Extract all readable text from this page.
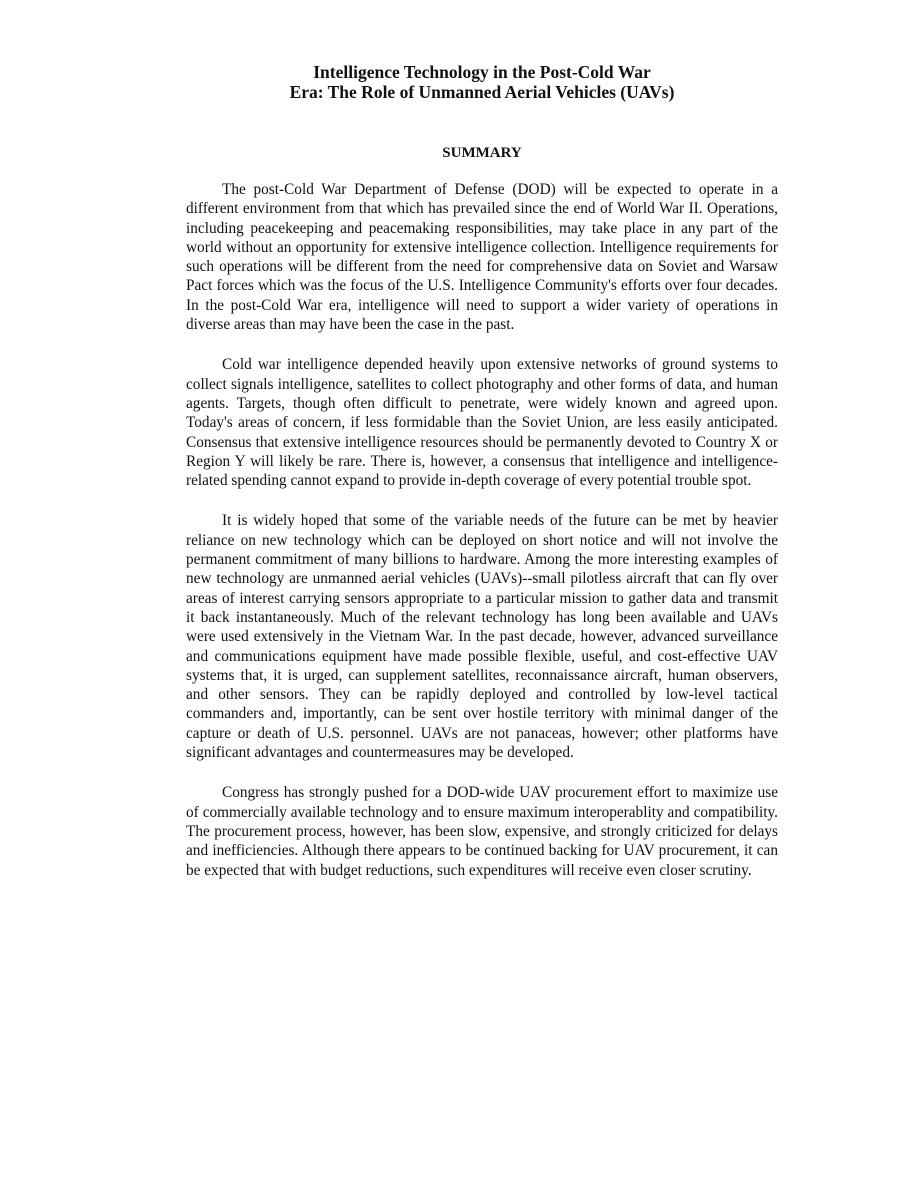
Intelligence Technology in the Post-Cold War
Era: The Role of Unmanned Aerial Vehicles (UAVs)
SUMMARY

The post-Cold War Department of Defense (DOD) will be expected to operate in a different environment from that which has prevailed since the end of World War II. Operations, including peacekeeping and peacemaking responsibilities, may take place in any part of the world without an opportunity for extensive intelligence collection. Intelligence requirements for such operations will be different from the need for comprehensive data on Soviet and Warsaw Pact forces which was the focus of the U.S. Intelligence Community's efforts over four decades. In the post-Cold War era, intelligence will need to support a wider variety of operations in diverse areas than may have been the case in the past.

Cold war intelligence depended heavily upon extensive networks of ground systems to collect signals intelligence, satellites to collect photography and other forms of data, and human agents. Targets, though often difficult to penetrate, were widely known and agreed upon. Today's areas of concern, if less formidable than the Soviet Union, are less easily anticipated. Consensus that extensive intelligence resources should be permanently devoted to Country X or Region Y will likely be rare. There is, however, a consensus that intelligence and intelligence-related spending cannot expand to provide in-depth coverage of every potential trouble spot.

It is widely hoped that some of the variable needs of the future can be met by heavier reliance on new technology which can be deployed on short notice and will not involve the permanent commitment of many billions to hardware. Among the more interesting examples of new technology are unmanned aerial vehicles (UAVs)--small pilotless aircraft that can fly over areas of interest carrying sensors appropriate to a particular mission to gather data and transmit it back instantaneously. Much of the relevant technology has long been available and UAVs were used extensively in the Vietnam War. In the past decade, however, advanced surveillance and communications equipment have made possible flexible, useful, and cost-effective UAV systems that, it is urged, can supplement satellites, reconnaissance aircraft, human observers, and other sensors. They can be rapidly deployed and controlled by low-level tactical commanders and, importantly, can be sent over hostile territory with minimal danger of the capture or death of U.S. personnel. UAVs are not panaceas, however; other platforms have significant advantages and countermeasures may be developed.

Congress has strongly pushed for a DOD-wide UAV procurement effort to maximize use of commercially available technology and to ensure maximum interoperablity and compatibility. The procurement process, however, has been slow, expensive, and strongly criticized for delays and inefficiencies. Although there appears to be continued backing for UAV procurement, it can be expected that with budget reductions, such expenditures will receive even closer scrutiny.
